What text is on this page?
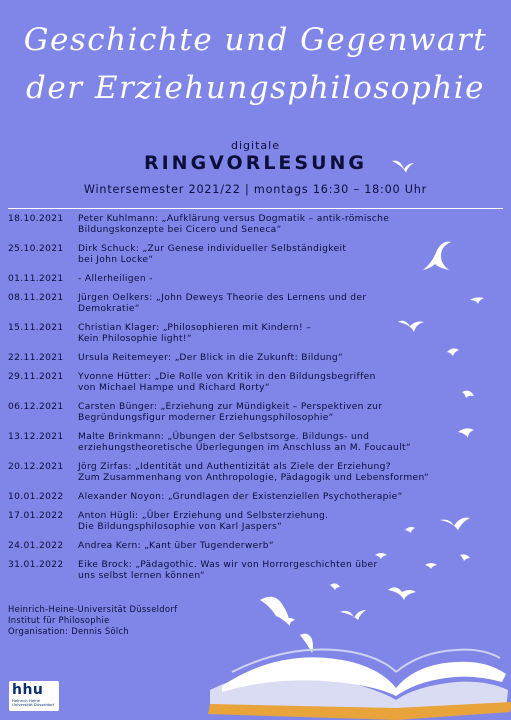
Geschichte und Gegenwart
der Erziehungsphilosophie
digitale
RINGVORLESUNG
Wintersemester 2021/22 | montags 16:30 – 18:00 Uhr
18.10.2021	Peter Kuhlmann: „Aufklärung versus Dogmatik – antik-römische
Bildungskonzepte bei Cicero und Seneca“
25.10.2021	Dirk Schuck: „Zur Genese individueller Selbständigkeit
bei John Locke“
01.11.2021	- Allerheiligen -
08.11.2021	Jürgen Oelkers: „John Deweys Theorie des Lernens und der
Demokratie“
15.11.2021	Christian Klager: „Philosophieren mit Kindern! –
Kein Philosophie light!“
22.11.2021	Ursula Reitemeyer: „Der Blick in die Zukunft: Bildung“
29.11.2021	Yvonne Hütter: „Die Rolle von Kritik in den Bildungsbegriffen
von Michael Hampe und Richard Rorty“
06.12.2021	Carsten Bünger: „Erziehung zur Mündigkeit – Perspektiven zur
Begründungsfigur moderner Erziehungsphilosophie“
13.12.2021	Malte Brinkmann: „Übungen der Selbstsorge. Bildungs- und
erziehungstheoretische Überlegungen im Anschluss an M. Foucault“
20.12.2021	Jörg Zirfas: „Identität und Authentizität als Ziele der Erziehung?
Zum Zusammenhang von Anthropologie, Pädagogik und Lebensformen“
10.01.2022	Alexander Noyon: „Grundlagen der Existenziellen Psychotherapie“
17.01.2022	Anton Hügli: „Über Erziehung und Selbsterziehung.
Die Bildungsphilosophie von Karl Jaspers“
24.01.2022	Andrea Kern: „Kant über Tugenderwerb“
31.01.2022	Eike Brock: „Pädagothic. Was wir von Horrorgeschichten über
uns selbst lernen können“
Heinrich-Heine-Universität Düsseldorf
Institut für Philosophie
Organisation: Dennis Sölch
hhu
Heinrich Heine Universität Düsseldorf
